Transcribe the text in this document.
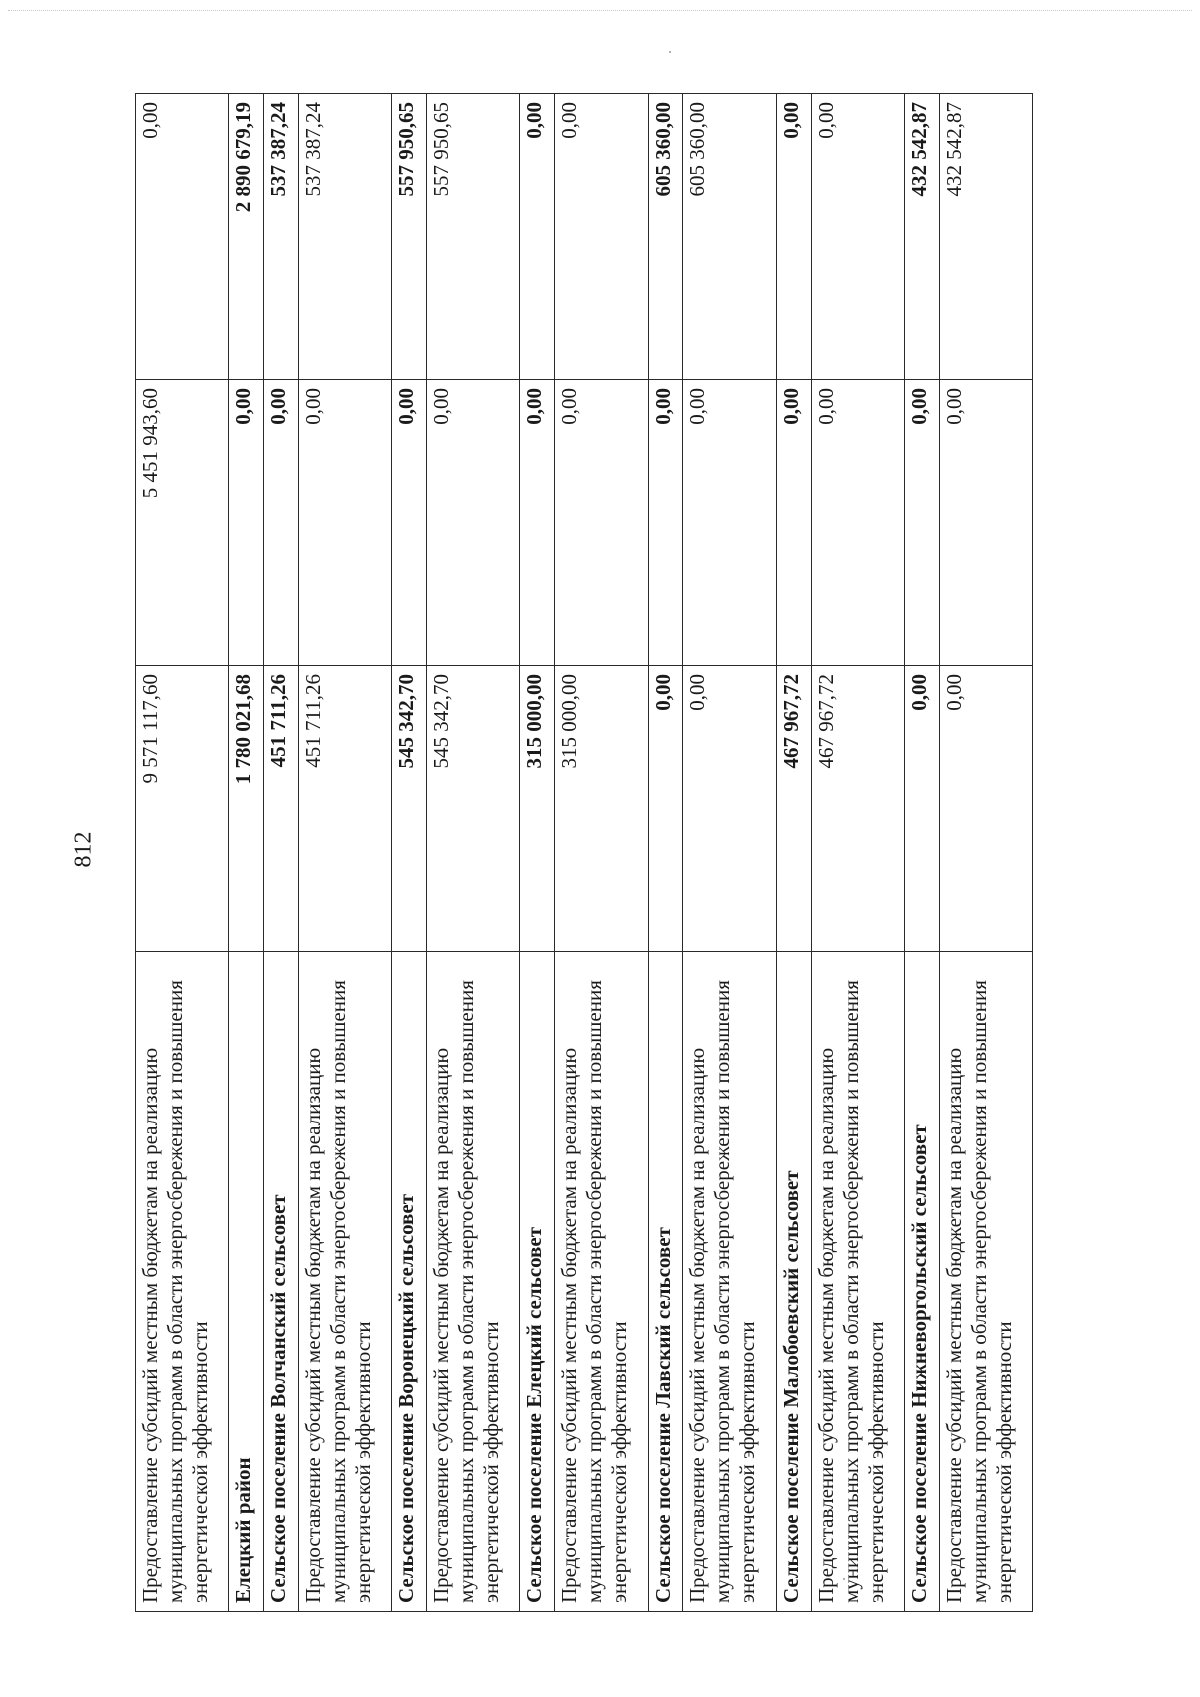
812
Предоставление субсидий местным бюджетам на реализацию муниципальных программ в области энергосбережения и повышения энергетической эффективности	9 571 117,60	5 451 943,60	0,00
Елецкий район	1 780 021,68	0,00	2 890 679,19
Сельское поселение Волчанский сельсовет	451 711,26	0,00	537 387,24
Предоставление субсидий местным бюджетам на реализацию муниципальных программ в области энергосбережения и повышения энергетической эффективности	451 711,26	0,00	537 387,24
Сельское поселение Воронецкий сельсовет	545 342,70	0,00	557 950,65
Предоставление субсидий местным бюджетам на реализацию муниципальных программ в области энергосбережения и повышения энергетической эффективности	545 342,70	0,00	557 950,65
Сельское поселение Елецкий сельсовет	315 000,00	0,00	0,00
Предоставление субсидий местным бюджетам на реализацию муниципальных программ в области энергосбережения и повышения энергетической эффективности	315 000,00	0,00	0,00
Сельское поселение Лавский сельсовет	0,00	0,00	605 360,00
Предоставление субсидий местным бюджетам на реализацию муниципальных программ в области энергосбережения и повышения энергетической эффективности	0,00	0,00	605 360,00
Сельское поселение Малобоевский сельсовет	467 967,72	0,00	0,00
Предоставление субсидий местным бюджетам на реализацию муниципальных программ в области энергосбережения и повышения энергетической эффективности	467 967,72	0,00	0,00
Сельское поселение Нижневоргольский сельсовет	0,00	0,00	432 542,87
Предоставление субсидий местным бюджетам на реализацию муниципальных программ в области энергосбережения и повышения энергетической эффективности	0,00	0,00	432 542,87
